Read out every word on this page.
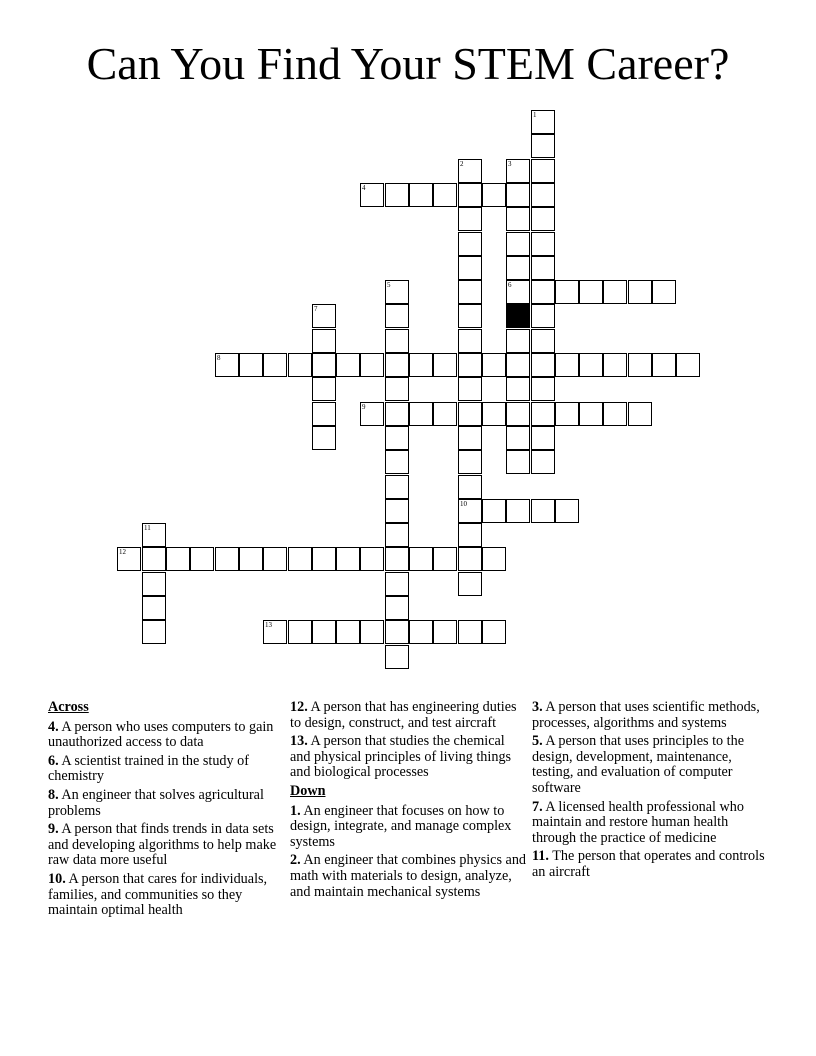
Can You Find Your STEM Career?
1
2
10
3
6
4
5
7
8
9
11
12
13
Across
4. A person who uses computers to gain unauthorized access to data
6. A scientist trained in the study of chemistry
8. An engineer that solves agricultural problems
9. A person that finds trends in data sets and developing algorithms to help make raw data more useful
10. A person that cares for individuals, families, and communities so they maintain optimal health
12. A person that has engineering duties to design, construct, and test aircraft
13. A person that studies the chemical and physical principles of living things and biological processes
Down
1. An engineer that focuses on how to design, integrate, and manage complex systems
2. An engineer that combines physics and math with materials to design, analyze, and maintain mechanical systems
3. A person that uses scientific methods, processes, algorithms and systems
5. A person that uses principles to the design, development, maintenance, testing, and evaluation of computer software
7. A licensed health professional who maintain and restore human health through the practice of medicine
11. The person that operates and controls an aircraft
